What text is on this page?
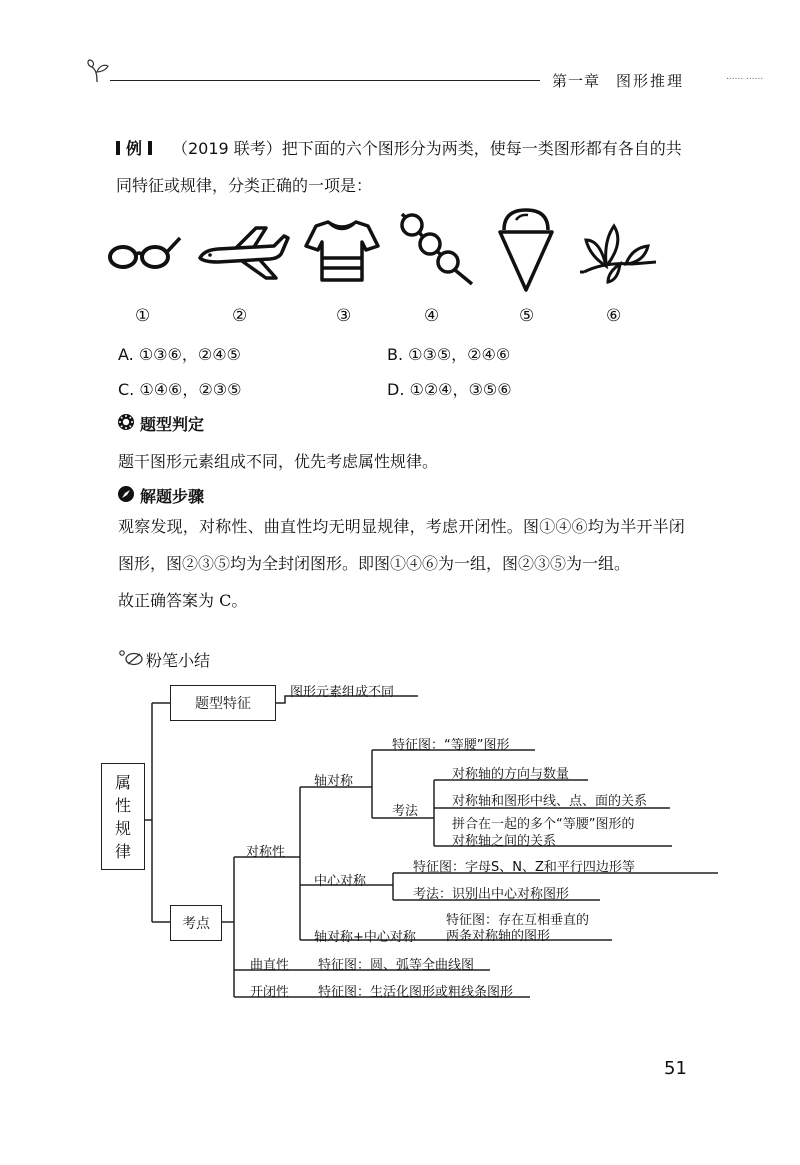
第一章 图形推理	...... ......
例	（2019 联考）把下面的六个图形分为两类，使每一类图形都有各自的共
同特征或规律，分类正确的一项是：
①	②	③	④	⑤	⑥
A. ①③⑥，②④⑤	B. ①③⑤，②④⑥
C. ①④⑥，②③⑤	D. ①②④，③⑤⑥
题型判定
题干图形元素组成不同，优先考虑属性规律。
解题步骤
观察发现，对称性、曲直性均无明显规律，考虑开闭性。图①④⑥均为半开半闭
图形，图②③⑤均为全封闭图形。即图①④⑥为一组，图②③⑤为一组。
故正确答案为 C。
粉笔小结
属
性
规
律
题型特征
图形元素组成不同
考点
对称性
轴对称
特征图：“等腰”图形
考法
对称轴的方向与数量
对称轴和图形中线、点、面的关系
拼合在一起的多个“等腰”图形的
对称轴之间的关系
中心对称
特征图：字母S、N、Z和平行四边形等
考法：识别出中心对称图形
轴对称+中心对称
特征图：存在互相垂直的
两条对称轴的图形
曲直性 特征图：圆、弧等全曲线图
开闭性 特征图：生活化图形或粗线条图形
51
